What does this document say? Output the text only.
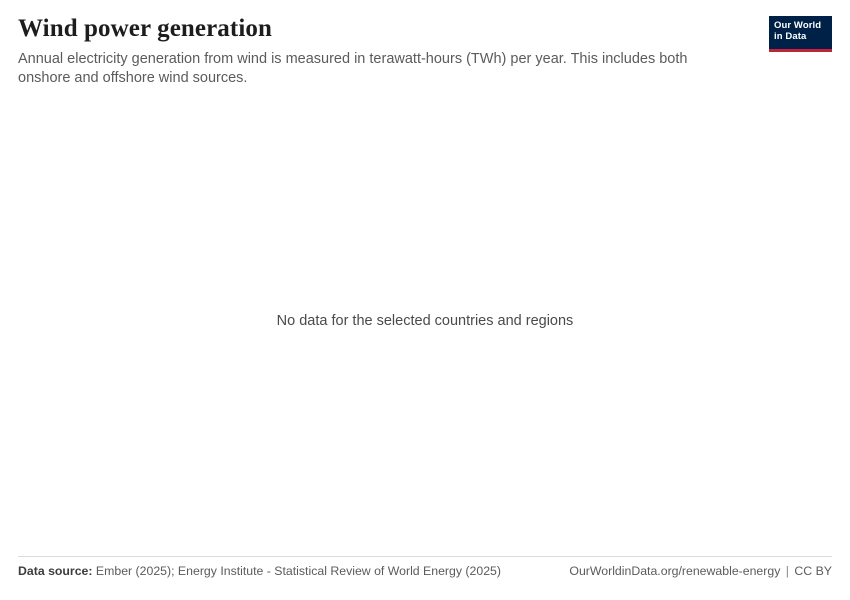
Wind power generation

Annual electricity generation from wind is measured in terawatt-hours (TWh) per year. This includes both onshore and offshore wind sources.

Our World
in Data
No data for the selected countries and regions
Data source: Ember (2025); Energy Institute - Statistical Review of World Energy (2025)	OurWorldinData.org/renewable-energy | CC BY
